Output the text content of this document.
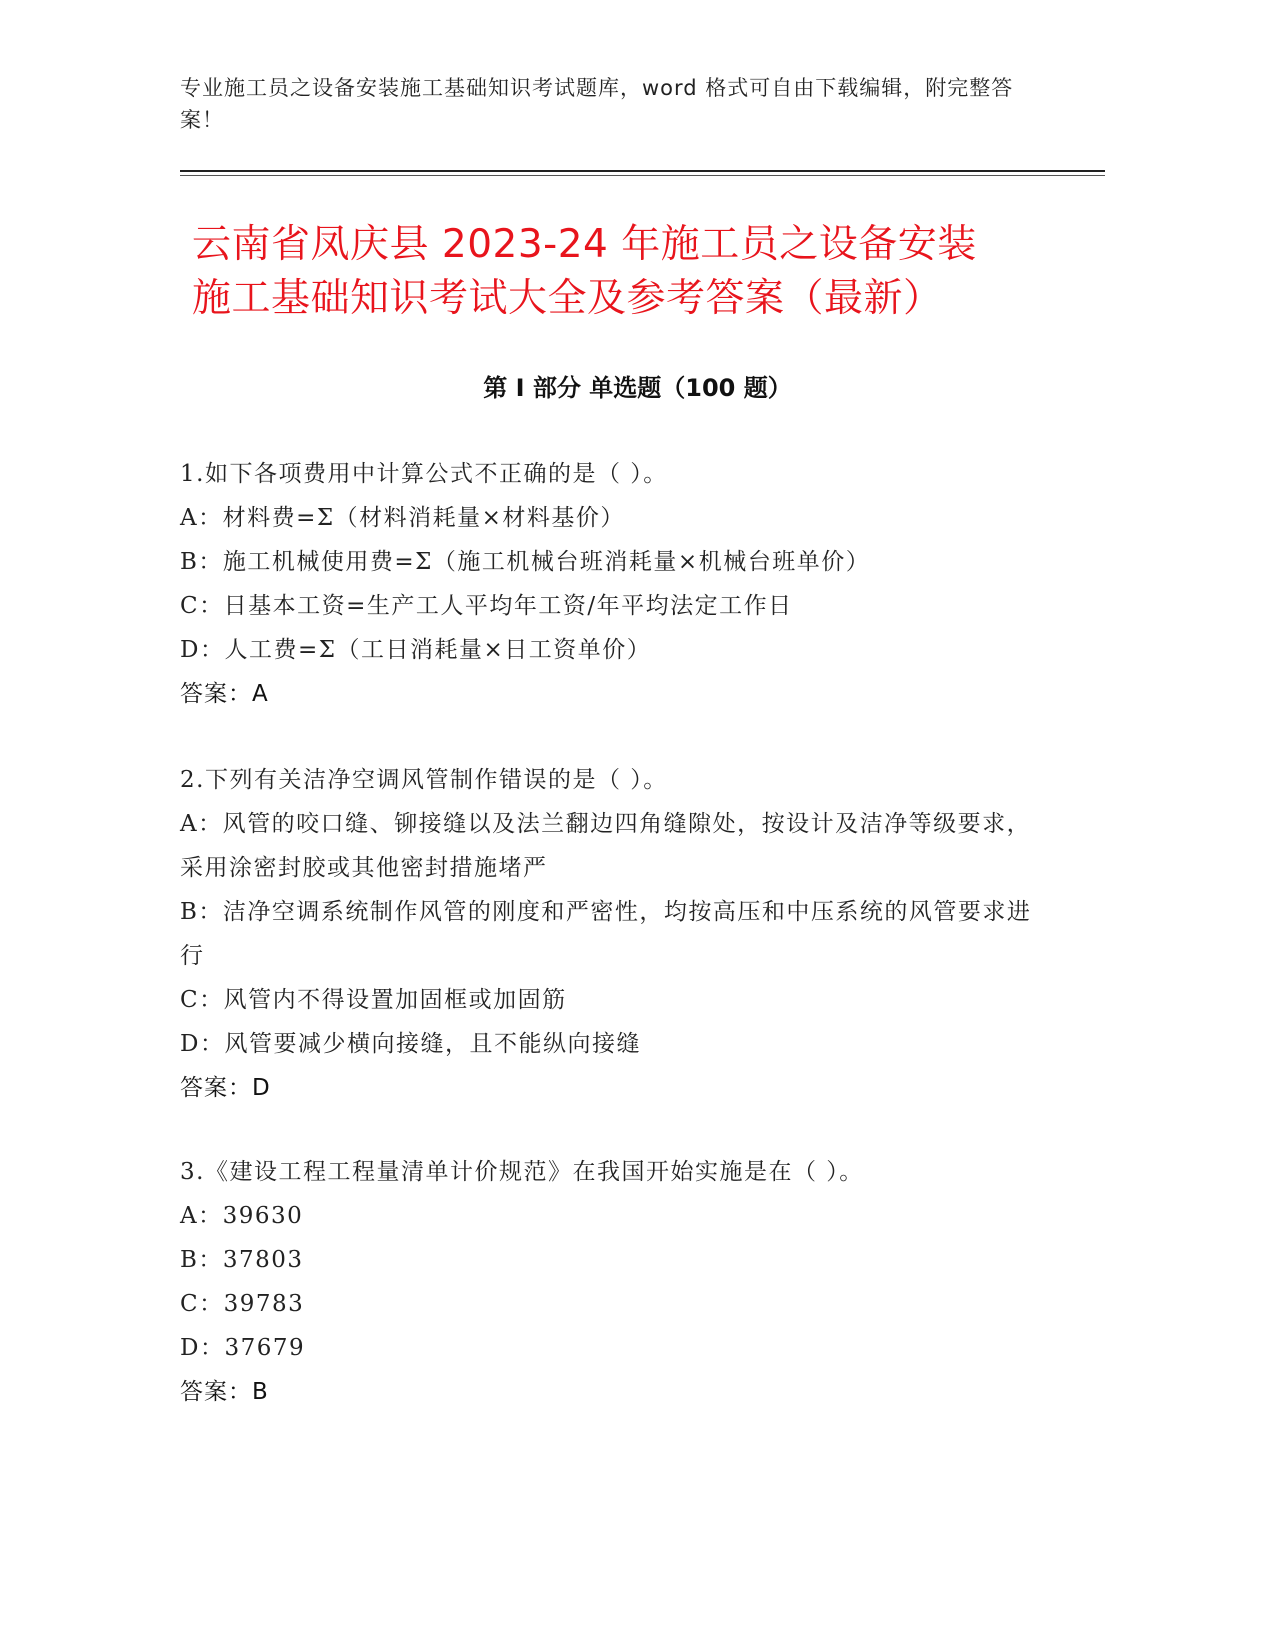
专业施工员之设备安装施工基础知识考试题库，word 格式可自由下载编辑，附完整答案！
云南省凤庆县 2023-24 年施工员之设备安装
施工基础知识考试大全及参考答案（最新）
第 I 部分 单选题（100 题）

1.如下各项费用中计算公式不正确的是（ ）。

A：材料费=Σ（材料消耗量×材料基价）

B：施工机械使用费=Σ（施工机械台班消耗量×机械台班单价）

C：日基本工资=生产工人平均年工资/年平均法定工作日

D：人工费=Σ（工日消耗量×日工资单价）

答案：A

2.下列有关洁净空调风管制作错误的是（ ）。

A：风管的咬口缝、铆接缝以及法兰翻边四角缝隙处，按设计及洁净等级要求，采用涂密封胶或其他密封措施堵严

B：洁净空调系统制作风管的刚度和严密性，均按高压和中压系统的风管要求进行

C：风管内不得设置加固框或加固筋

D：风管要减少横向接缝，且不能纵向接缝

答案：D

3.《建设工程工程量清单计价规范》在我国开始实施是在（ ）。

A：39630

B：37803

C：39783

D：37679

答案：B
